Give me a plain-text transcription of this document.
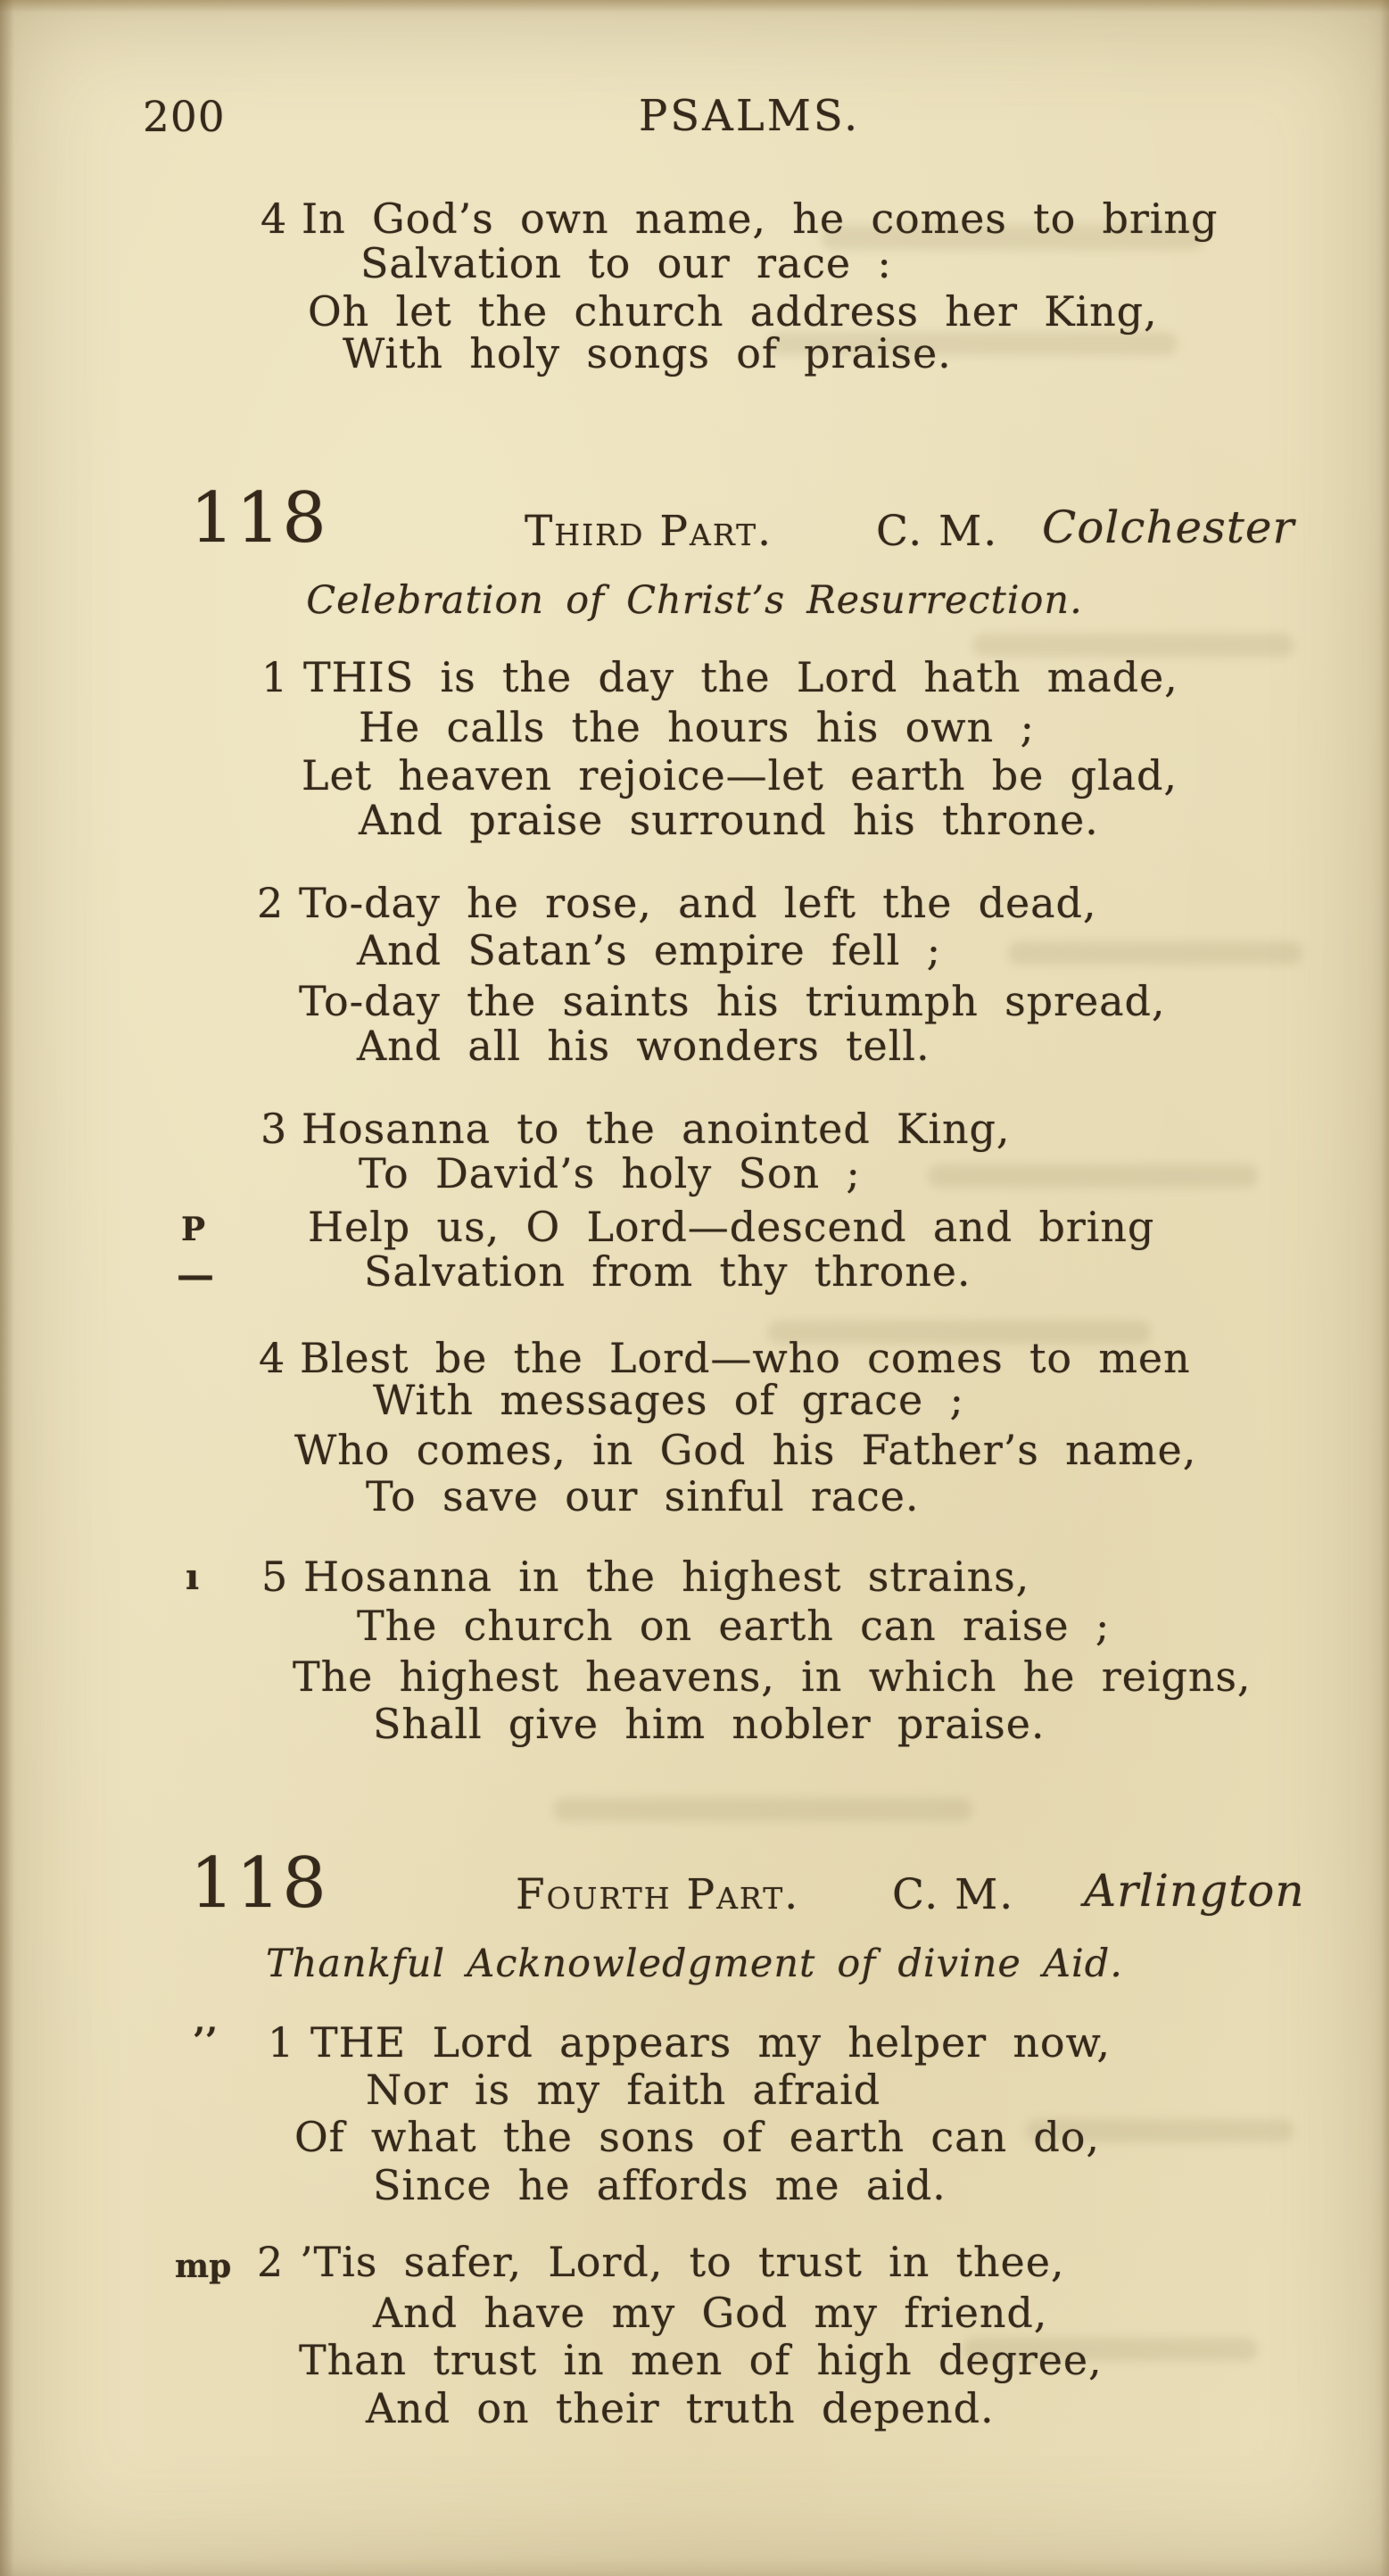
200	PSALMS.
4 In God’s own name, he comes to bring
Salvation to our race :
Oh let the church address her King,
With holy songs of praise.
118	Third Part. C. M. Colchester
Celebration of Christ’s Resurrection.
1 THIS is the day the Lord hath made,
He calls the hours his own ;
Let heaven rejoice—let earth be glad,
And praise surround his throne.
2 To-day he rose, and left the dead,
And Satan’s empire fell ;
To-day the saints his triumph spread,
And all his wonders tell.
3 Hosanna to the anointed King,
To David’s holy Son ;
P Help us, O Lord—descend and bring
—	Salvation from thy throne.
4 Blest be the Lord—who comes to men
With messages of grace ;
Who comes, in God his Father’s name,
To save our sinful race.
ı 5 Hosanna in the highest strains,
The church on earth can raise ;
The highest heavens, in which he reigns,
Shall give him nobler praise.
118	Fourth Part. C. M. Arlington
Thankful Acknowledgment of divine Aid.
’’ 1 THE Lord appears my helper now,
Nor is my faith afraid
Of what the sons of earth can do,
Since he affords me aid.
mp 2 ’Tis safer, Lord, to trust in thee,
And have my God my friend,
Than trust in men of high degree,
And on their truth depend.
